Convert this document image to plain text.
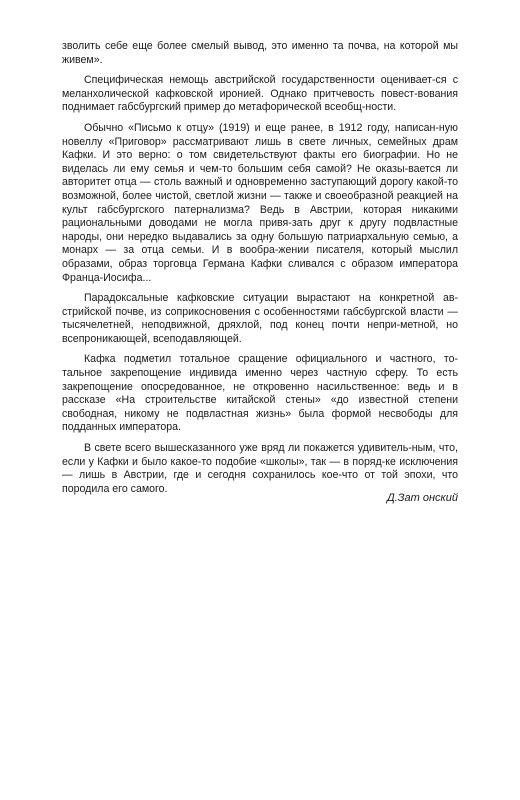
зволить себе еще более смелый вывод, это именно та почва, на которой мы живем».

Специфическая немощь австрийской государственности оценивает-ся с меланхолической кафковской иронией. Однако притчевость повест-вования поднимает габсбургский пример до метафорической всеобщ-ности.

Обычно «Письмо к отцу» (1919) и еще ранее, в 1912 году, написан-ную новеллу «Приговор» рассматривают лишь в свете личных, семейных драм Кафки. И это верно: о том свидетельствуют факты его биографии. Но не виделась ли ему семья и чем-то большим себя самой? Не оказы-вается ли авторитет отца — столь важный и одновременно заступающий дорогу какой-то возможной, более чистой, светлой жизни — также и своеобразной реакцией на культ габсбургского патернализма? Ведь в Австрии, которая никакими рациональными доводами не могла привя-зать друг к другу подвластные народы, они нередко выдавались за одну большую патриархальную семью, а монарх — за отца семьи. И в вообра-жении писателя, который мыслил образами, образ торговца Германа Кафки сливался с образом императора Франца-Иосифа...

Парадоксальные кафковские ситуации вырастают на конкретной ав-стрийской почве, из соприкосновения с особенностями габсбургской власти — тысячелетней, неподвижной, дряхлой, под конец почти непри-метной, но всепроникающей, всеподавляющей.

Кафка подметил тотальное сращение официального и частного, то-тальное закрепощение индивида именно через частную сферу. То есть закрепощение опосредованное, не откровенно насильственное: ведь и в рассказе «На строительстве китайской стены» «до известной степени свободная, никому не подвластная жизнь» была формой несвободы для подданных императора.

В свете всего вышесказанного уже вряд ли покажется удивитель-ным, что, если у Кафки и было какое-то подобие «школы», так — в поряд-ке исключения — лишь в Австрии, где и сегодня сохранилось кое-что от той эпохи, что породила его самого.

Д.Зат онский
